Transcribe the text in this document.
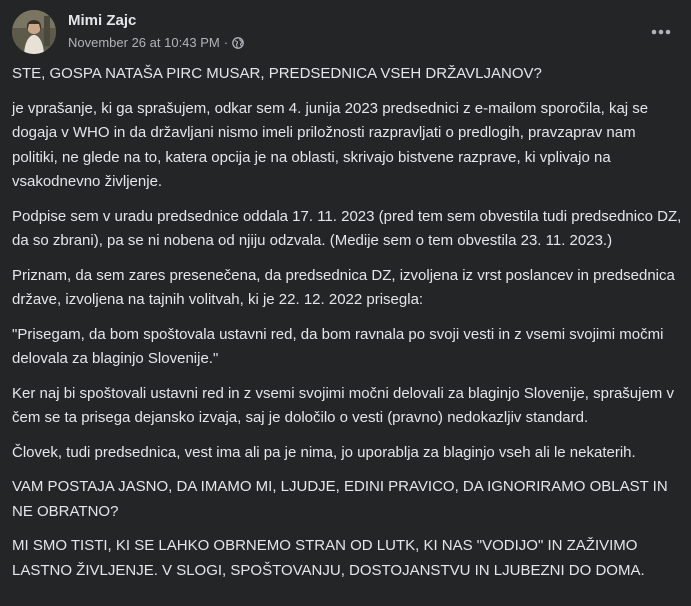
Mimi Zajc
November 26 at 10:43 PM ·

STE, GOSPA NATAŠA PIRC MUSAR, PREDSEDNICA VSEH DRŽAVLJANOV?

je vprašanje, ki ga sprašujem, odkar sem 4. junija 2023 predsednici z e-mailom sporočila, kaj se dogaja v WHO in da državljani nismo imeli priložnosti razpravljati o predlogih, pravzaprav nam politiki, ne glede na to, katera opcija je na oblasti, skrivajo bistvene razprave, ki vplivajo na vsakodnevno življenje.

Podpise sem v uradu predsednice oddala 17. 11. 2023 (pred tem sem obvestila tudi predsednico DZ, da so zbrani), pa se ni nobena od njiju odzvala. (Medije sem o tem obvestila 23. 11. 2023.)

Priznam, da sem zares presenečena, da predsednica DZ, izvoljena iz vrst poslancev in predsednica države, izvoljena na tajnih volitvah, ki je 22. 12. 2022 prisegla:

"Prisegam, da bom spoštovala ustavni red, da bom ravnala po svoji vesti in z vsemi svojimi močmi delovala za blaginjo Slovenije."

Ker naj bi spoštovali ustavni red in z vsemi svojimi močni delovali za blaginjo Slovenije, sprašujem v čem se ta prisega dejansko izvaja, saj je določilo o vesti (pravno) nedokazljiv standard.

Človek, tudi predsednica, vest ima ali pa je nima, jo uporablja za blaginjo vseh ali le nekaterih.

VAM POSTAJA JASNO, DA IMAMO MI, LJUDJE, EDINI PRAVICO, DA IGNORIRAMO OBLAST IN NE OBRATNO?

MI SMO TISTI, KI SE LAHKO OBRNEMO STRAN OD LUTK, KI NAS "VODIJO" IN ZAŽIVIMO LASTNO ŽIVLJENJE. V SLOGI, SPOŠTOVANJU, DOSTOJANSTVU IN LJUBEZNI DO DOMA.
